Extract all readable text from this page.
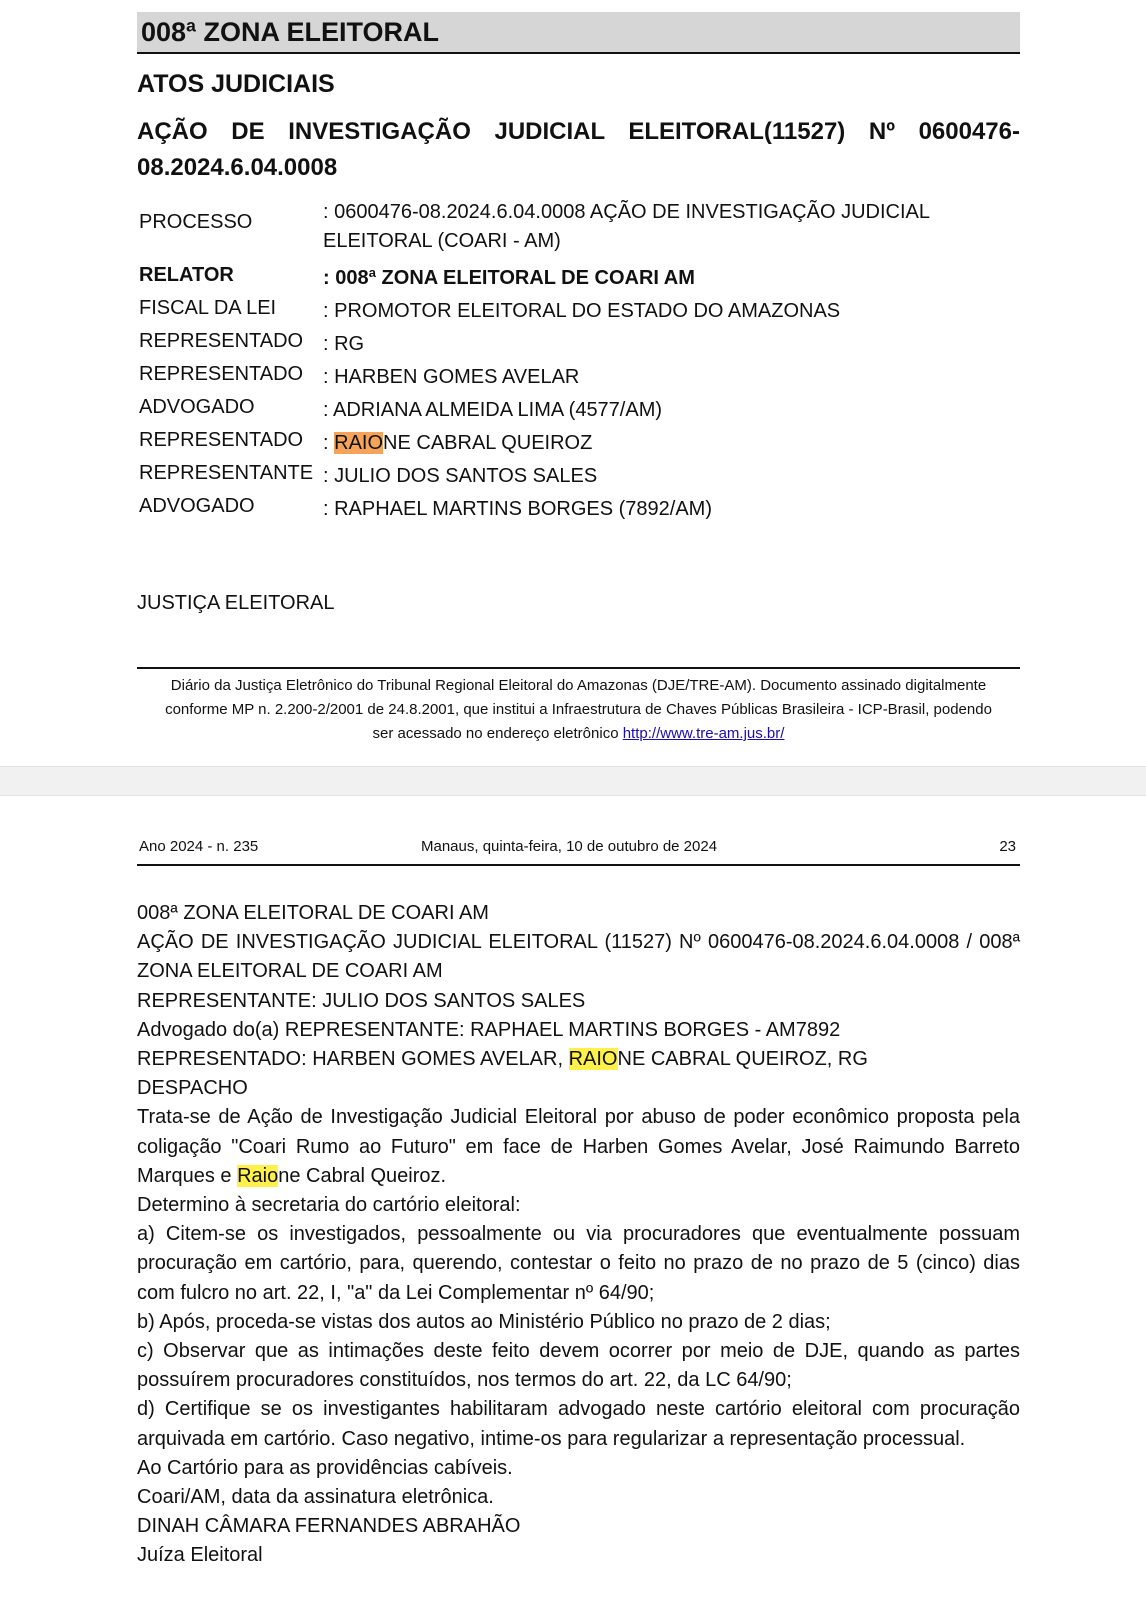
008ª ZONA ELEITORAL
ATOS JUDICIAIS
AÇÃO DE INVESTIGAÇÃO JUDICIAL ELEITORAL(11527) Nº 0600476-08.2024.6.04.0008
PROCESSO	: 0600476-08.2024.6.04.0008 AÇÃO DE INVESTIGAÇÃO JUDICIAL ELEITORAL (COARI - AM)
RELATOR	: 008ª ZONA ELEITORAL DE COARI AM
FISCAL DA LEI	: PROMOTOR ELEITORAL DO ESTADO DO AMAZONAS
REPRESENTADO : RG
REPRESENTADO : HARBEN GOMES AVELAR
ADVOGADO	: ADRIANA ALMEIDA LIMA (4577/AM)
REPRESENTADO : RAIONE CABRAL QUEIROZ
REPRESENTANTE : JULIO DOS SANTOS SALES
ADVOGADO	: RAPHAEL MARTINS BORGES (7892/AM)
JUSTIÇA ELEITORAL
Diário da Justiça Eletrônico do Tribunal Regional Eleitoral do Amazonas (DJE/TRE-AM). Documento assinado digitalmente
conforme MP n. 2.200-2/2001 de 24.8.2001, que institui a Infraestrutura de Chaves Públicas Brasileira - ICP-Brasil, podendo
ser acessado no endereço eletrônico http://www.tre-am.jus.br/
Ano 2024 - n. 235	Manaus, quinta-feira, 10 de outubro de 2024	23

008ª ZONA ELEITORAL DE COARI AM

AÇÃO DE INVESTIGAÇÃO JUDICIAL ELEITORAL (11527) Nº 0600476-08.2024.6.04.0008 / 008ª ZONA ELEITORAL DE COARI AM

REPRESENTANTE: JULIO DOS SANTOS SALES

Advogado do(a) REPRESENTANTE: RAPHAEL MARTINS BORGES - AM7892

REPRESENTADO: HARBEN GOMES AVELAR, RAIONE CABRAL QUEIROZ, RG

DESPACHO

Trata-se de Ação de Investigação Judicial Eleitoral por abuso de poder econômico proposta pela coligação "Coari Rumo ao Futuro" em face de Harben Gomes Avelar, José Raimundo Barreto Marques e Raione Cabral Queiroz.

Determino à secretaria do cartório eleitoral:

a) Citem-se os investigados, pessoalmente ou via procuradores que eventualmente possuam procuração em cartório, para, querendo, contestar o feito no prazo de no prazo de 5 (cinco) dias com fulcro no art. 22, I, "a" da Lei Complementar nº 64/90;

b) Após, proceda-se vistas dos autos ao Ministério Público no prazo de 2 dias;

c) Observar que as intimações deste feito devem ocorrer por meio de DJE, quando as partes possuírem procuradores constituídos, nos termos do art. 22, da LC 64/90;

d) Certifique se os investigantes habilitaram advogado neste cartório eleitoral com procuração arquivada em cartório. Caso negativo, intime-os para regularizar a representação processual.

Ao Cartório para as providências cabíveis.

Coari/AM, data da assinatura eletrônica.

DINAH CÂMARA FERNANDES ABRAHÃO

Juíza Eleitoral
